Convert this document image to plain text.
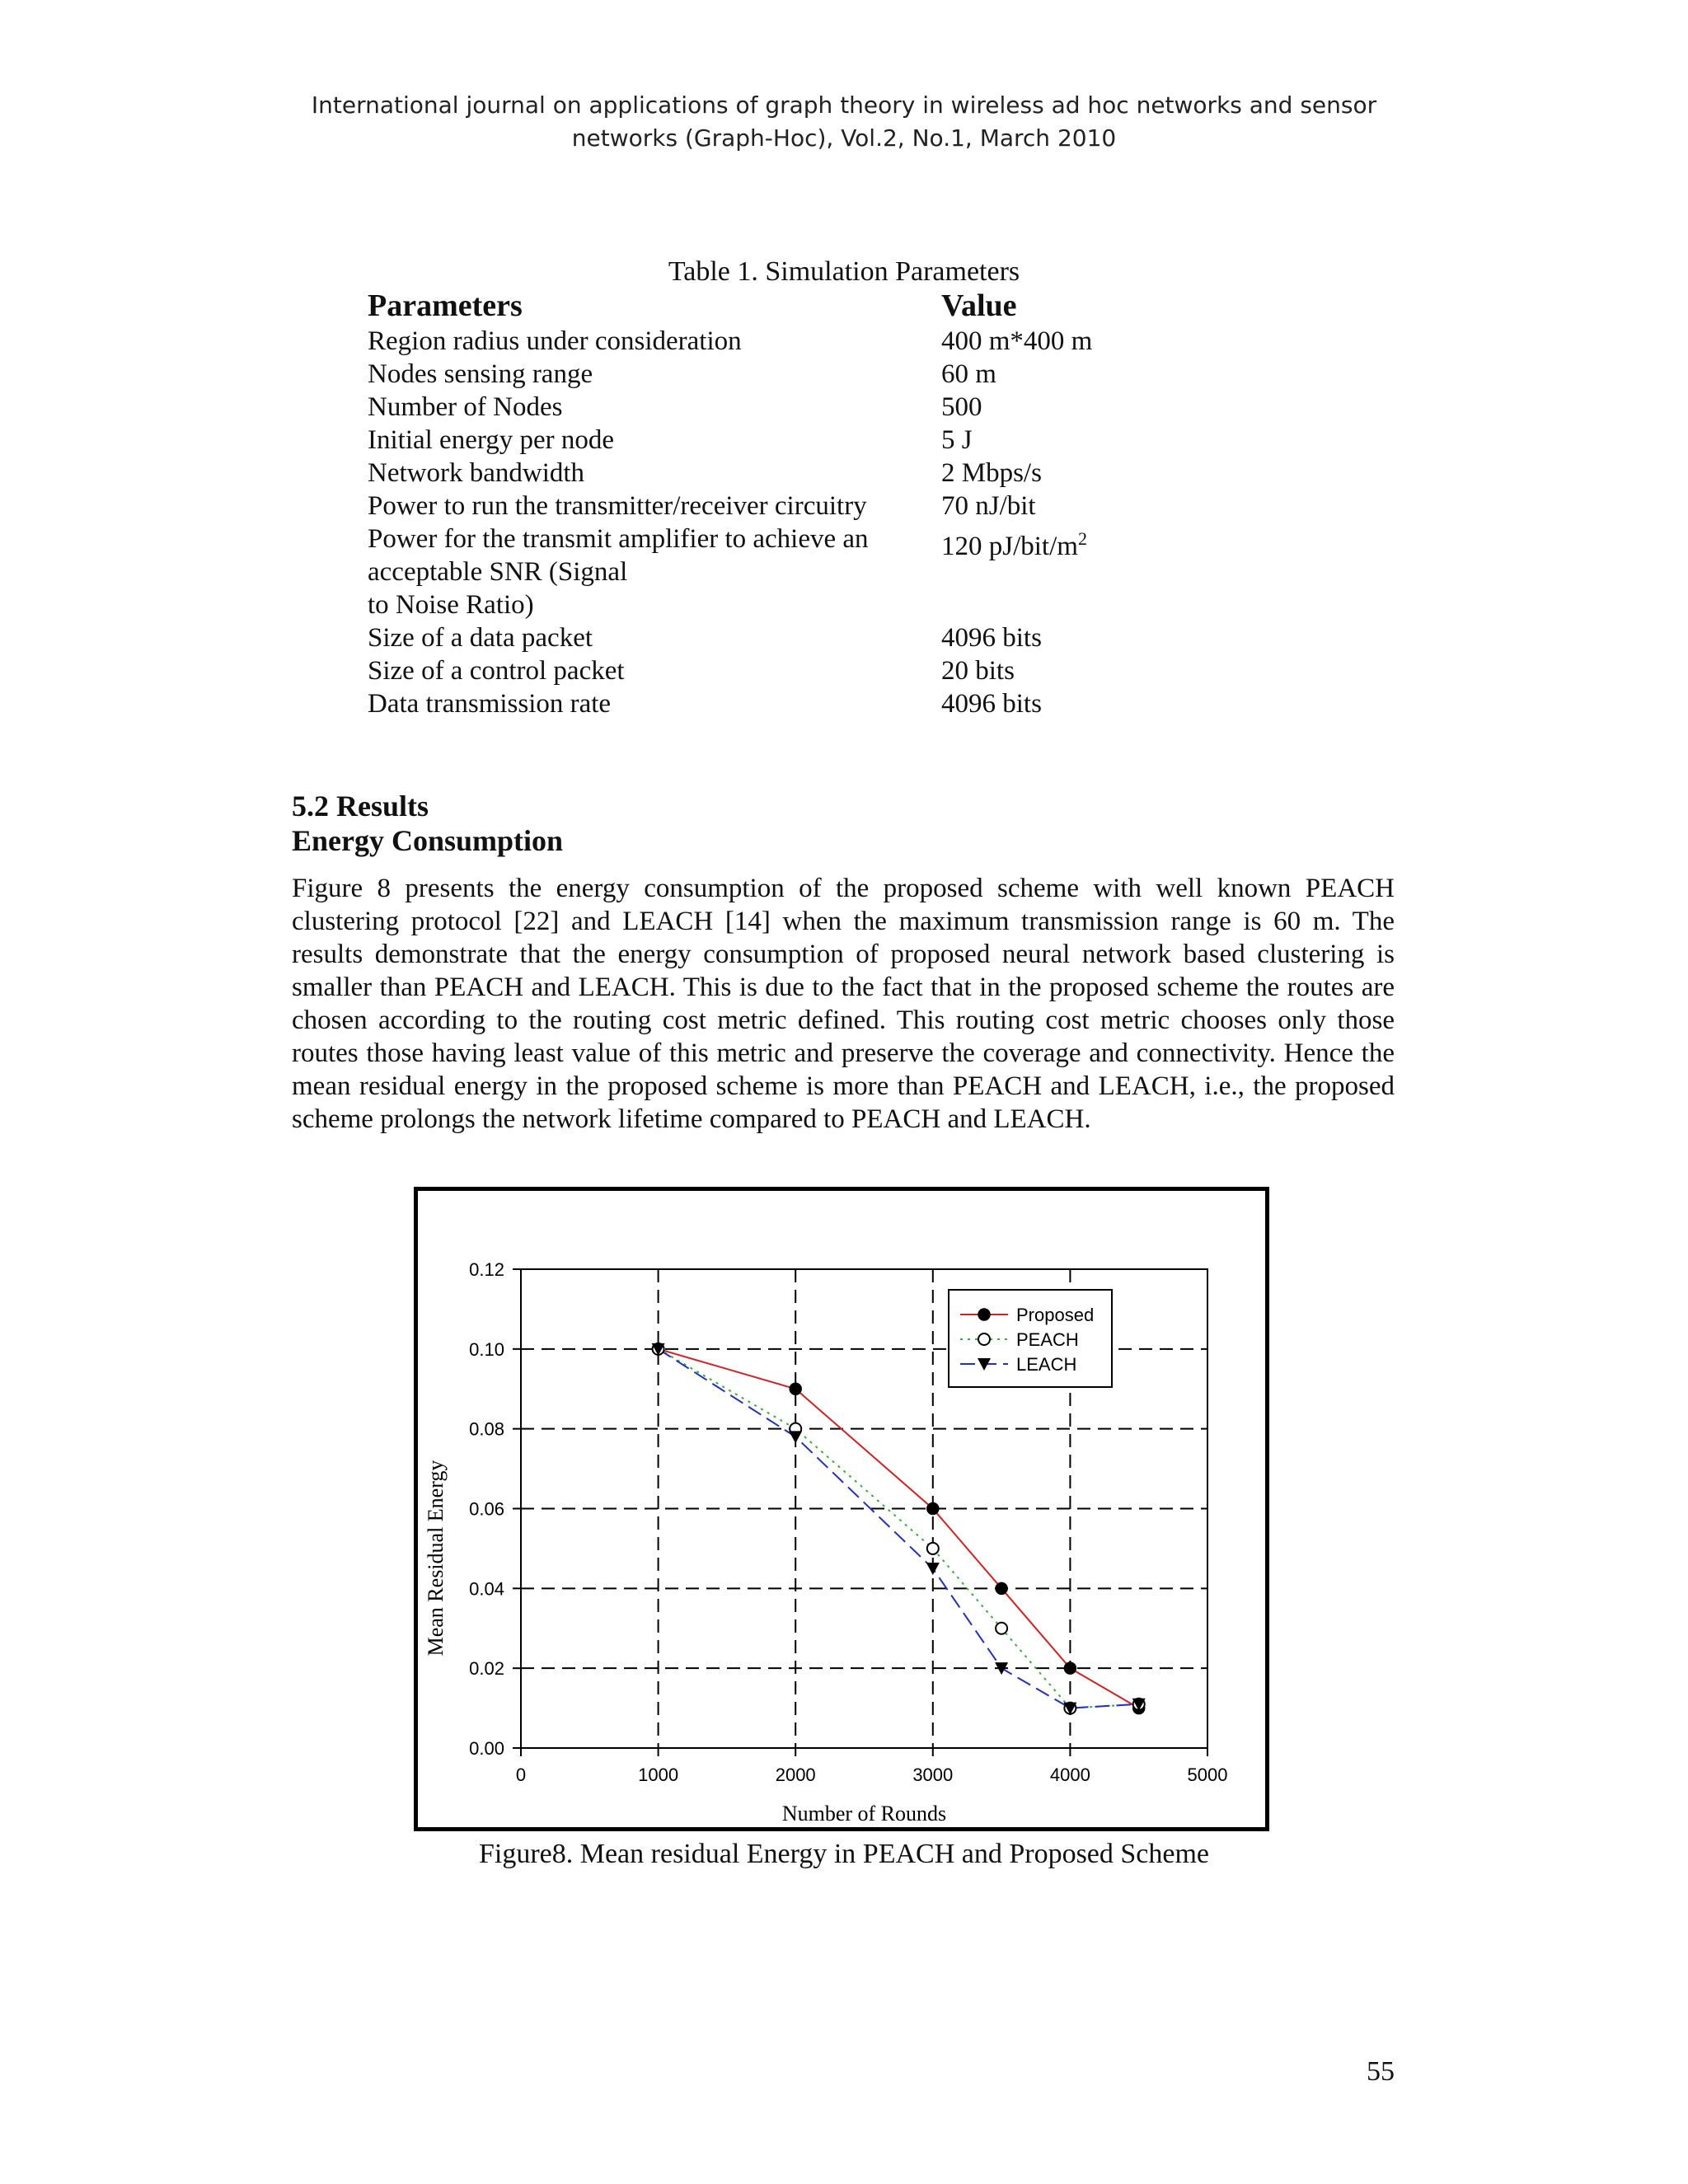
International journal on applications of graph theory in wireless ad hoc networks and sensor
networks (Graph-Hoc), Vol.2, No.1, March 2010
Table 1. Simulation Parameters
Parameters	Value
Region radius under consideration	400 m*400 m
Nodes sensing range	60 m
Number of Nodes	500
Initial energy per node	5 J
Network bandwidth	2 Mbps/s
Power to run the transmitter/receiver circuitry	70 nJ/bit

Power for the transmit amplifier to achieve an
acceptable SNR (Signal
to Noise Ratio)	120 $pJ/bit/m^2$
Size of a data packet	4096 bits
Size of a control packet	20 bits
Data transmission rate	4096 bits
5.2 Results
Energy Consumption

Figure 8 presents the energy consumption of the proposed scheme with well known PEACH clustering protocol [22] and LEACH [14] when the maximum transmission range is 60 m. The results demonstrate that the energy consumption of proposed neural network based clustering is smaller than PEACH and LEACH. This is due to the fact that in the proposed scheme the routes are chosen according to the routing cost metric defined. This routing cost metric chooses only those routes those having least value of this metric and preserve the coverage and connectivity. Hence the mean residual energy in the proposed scheme is more than PEACH and LEACH, i.e., the proposed scheme prolongs the network lifetime compared to PEACH and LEACH.

0	1000	2000	3000	4000	5000
0.00
0.02
0.04
0.06
0.08
0.10
0.12
Number of Rounds
Mean Residual Energy
Proposed
PEACH
LEACH
Figure8. Mean residual Energy in PEACH and Proposed Scheme
55
